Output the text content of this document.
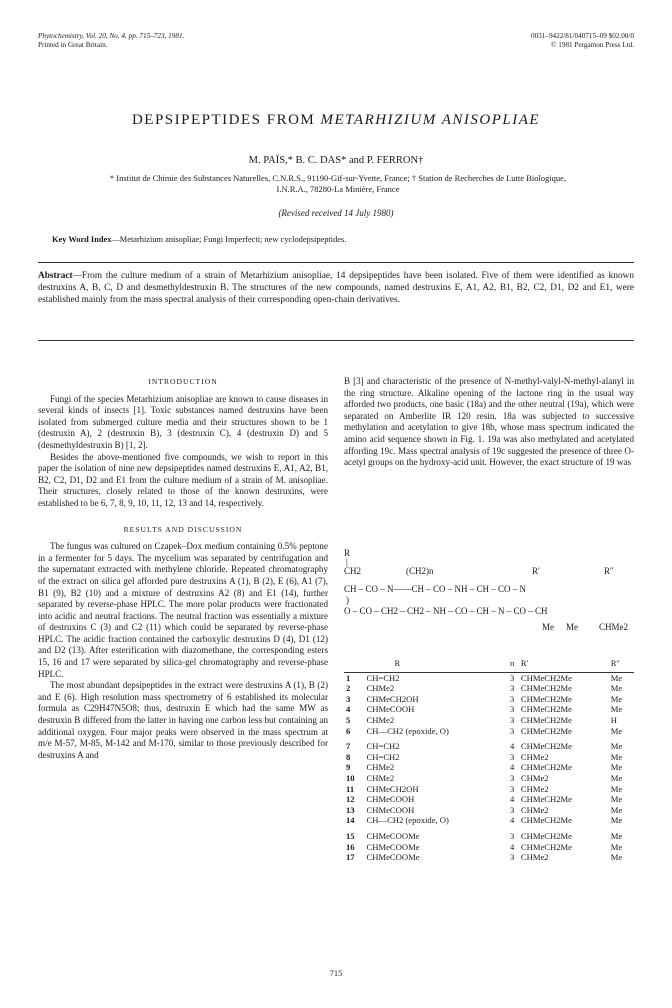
Phytochemistry, Vol. 20, No. 4, pp. 715–723, 1981.
Printed in Great Britain.
0031–9422/81/040715–09 $02.00/0
© 1981 Pergamon Press Ltd.
DEPSIPEPTIDES FROM METARHIZIUM ANISOPLIAE
M. PAÏS,* B. C. DAS* and P. FERRON†
* Institut de Chimie des Substances Naturelles, C.N.R.S., 91190-Gif-sur-Yvette, France; † Station de Recherches de Lutte Biologique,
I.N.R.A., 78280-La Minière, France
(Revised received 14 July 1980)
Key Word Index—Metarhizium anisopliae; Fungi Imperfecti; new cyclodepsipeptides.
Abstract—From the culture medium of a strain of Metarhizium anisopliae, 14 depsipeptides have been isolated. Five of them were identified as known destruxins A, B, C, D and desmethyldestruxin B. The structures of the new compounds, named destruxins E, A1, A2, B1, B2, C2, D1, D2 and E1, were established mainly from the mass spectral analysis of their corresponding open-chain derivatives.
INTRODUCTION

Fungi of the species Metarhizium anisopliae are known to cause diseases in several kinds of insects [1]. Toxic substances named destruxins have been isolated from submerged culture media and their structures shown to be 1 (destruxin A), 2 (destruxin B), 3 (destruxin C), 4 (destruxin D) and 5 (desmethyldestruxin B) [1, 2].

Besides the above-mentioned five compounds, we wish to report in this paper the isolation of nine new depsipeptides named destruxins E, A1, A2, B1, B2, C2, D1, D2 and E1 from the culture medium of a strain of M. anisopliae. Their structures, closely related to those of the known destruxins, were established to be 6, 7, 8, 9, 10, 11, 12, 13 and 14, respectively.

RESULTS AND DISCUSSION

The fungus was cultured on Czapek–Dox medium containing 0.5% peptone in a fermenter for 5 days. The mycelium was separated by centrifugation and the supernatant extracted with methylene chloride. Repeated chromatography of the extract on silica gel afforded pure destruxins A (1), B (2), E (6), A1 (7), B1 (9), B2 (10) and a mixture of destruxins A2 (8) and E1 (14), further separated by reverse-phase HPLC. The more polar products were fractionated into acidic and neutral fractions. The neutral fraction was essentially a mixture of destruxins C (3) and C2 (11) which could be separated by reverse-phase HPLC. The acidic fraction contained the carboxylic destruxins D (4), D1 (12) and D2 (13). After esterification with diazomethane, the corresponding esters 15, 16 and 17 were separated by silica-gel chromatography and reverse-phase HPLC.

The most abundant depsipeptides in the extract were destruxins A (1), B (2) and E (6). High resolution mass spectrometry of 6 established its molecular formula as C29H47N5O8; thus, destruxin E which had the same MW as destruxin B differed from the latter in having one carbon less but containing an additional oxygen. Four major peaks were observed in the mass spectrum at m/e M-57, M-85, M-142 and M-170, similar to those previously described for destruxins A and

B [3] and characteristic of the presence of N-methyl-valyl-N-methyl-alanyl in the ring structure. Alkaline opening of the lactone ring in the usual way afforded two products, one basic (18a) and the other neutral (19a), which were separated on Amberlite IR 120 resin. 18a was subjected to successive methylation and acetylation to give 18b, whose mass spectrum indicated the amino acid sequence shown in Fig. 1. 19a was also methylated and acetylated affording 19c. Mass spectral analysis of 19c suggested the presence of three O-acetyl groups on the hydroxy-acid unit. However, the exact structure of 19 was

R
|
CH2	(CH2)n	R′	R″
CH – CO – N——CH – CO – NH – CH – CO – N
)
O – CO – CH2 – CH2 – NH – CO – CH – N – CO – CH
Me Me CHMe2
	R	n	R′	R″
1	CH=CH2	3	CHMeCH2Me	Me
2	CHMe2	3	CHMeCH2Me	Me
3	CHMeCH2OH	3	CHMeCH2Me	Me
4	CHMeCOOH	3	CHMeCH2Me	Me
5	CHMe2	3	CHMeCH2Me	H
6	CH—CH2 (epoxide, O)	3	CHMeCH2Me	Me
7	CH=CH2	4	CHMeCH2Me	Me
8	CH=CH2	3	CHMe2	Me
9	CHMe2	4	CHMeCH2Me	Me
10	CHMe2	3	CHMe2	Me
11	CHMeCH2OH	3	CHMe2	Me
12	CHMeCOOH	4	CHMeCH2Me	Me
13	CHMeCOOH	3	CHMe2	Me
14	CH—CH2 (epoxide, O)	4	CHMeCH2Me	Me
15	CHMeCOOMe	3	CHMeCH2Me	Me
16	CHMeCOOMe	4	CHMeCH2Me	Me
17	CHMeCOOMe	3	CHMe2	Me
715
